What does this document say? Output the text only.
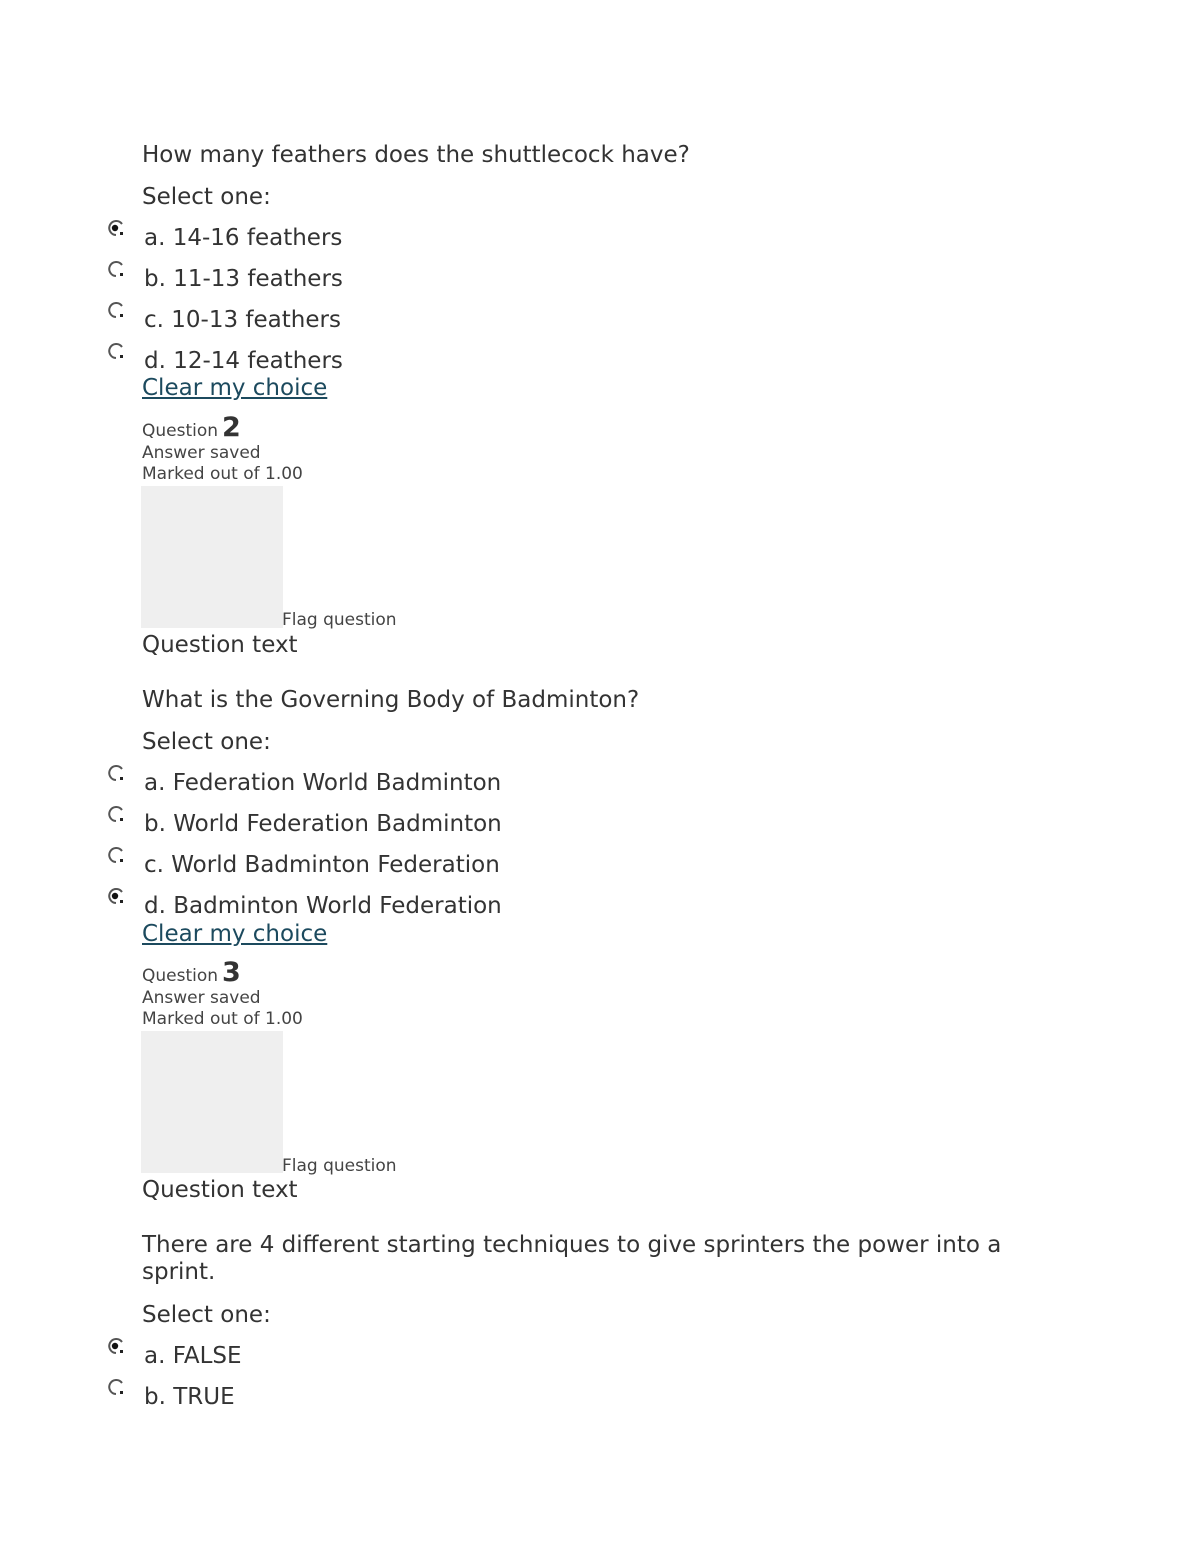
How many feathers does the shuttlecock have?
Select one:
a. 14-16 feathers
b. 11-13 feathers
c. 10-13 feathers
d. 12-14 feathers
Clear my choice
Question 2
Answer saved
Marked out of 1.00
Flag question
Question text
What is the Governing Body of Badminton?
Select one:
a. Federation World Badminton
b. World Federation Badminton
c. World Badminton Federation
d. Badminton World Federation
Clear my choice
Question 3
Answer saved
Marked out of 1.00
Flag question
Question text
There are 4 different starting techniques to give sprinters the power into a sprint.
Select one:
a. FALSE
b. TRUE
